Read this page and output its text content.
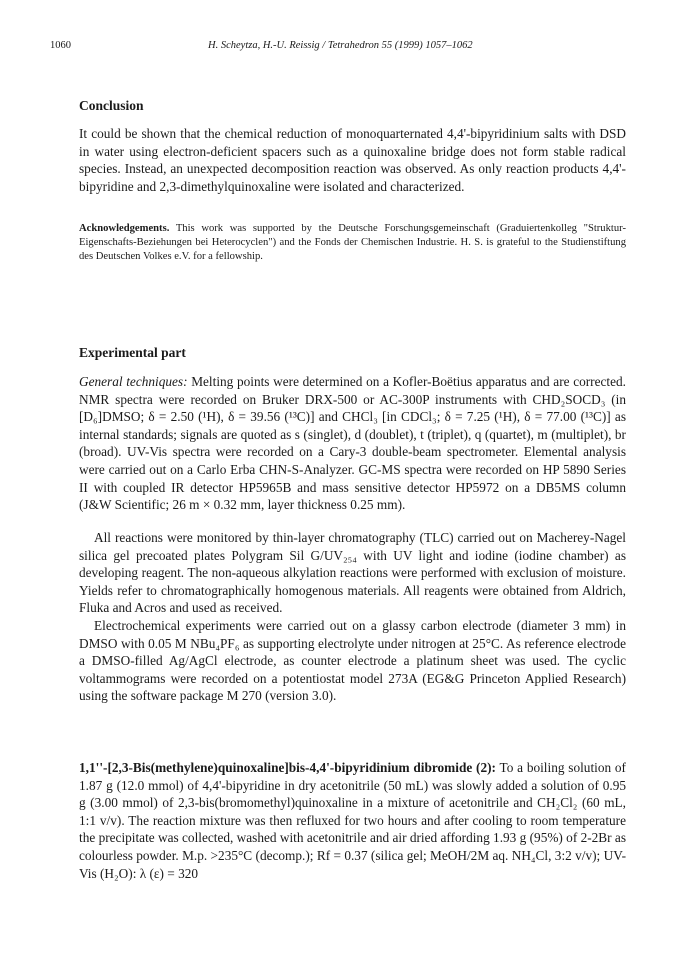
1060	H. Scheytza, H.-U. Reissig / Tetrahedron 55 (1999) 1057–1062
Conclusion

It could be shown that the chemical reduction of monoquarternated 4,4'-bipyridinium salts with DSD in water using electron-deficient spacers such as a quinoxaline bridge does not form stable radical species. Instead, an unexpected decomposition reaction was observed. As only reaction products 4,4'-bipyridine and 2,3-dimethylquinoxaline were isolated and characterized.

Acknowledgements. This work was supported by the Deutsche Forschungsgemeinschaft (Graduiertenkolleg "Struktur-Eigenschafts-Beziehungen bei Heterocyclen") and the Fonds der Chemischen Industrie. H. S. is grateful to the Studienstiftung des Deutschen Volkes e.V. for a fellowship.

Experimental part

General techniques: Melting points were determined on a Kofler-Boëtius apparatus and are corrected. NMR spectra were recorded on Bruker DRX-500 or AC-300P instruments with CHD₂SOCD₃ (in [D₆]DMSO; δ = 2.50 (¹H), δ = 39.56 (¹³C)] and CHCl₃ [in CDCl₃; δ = 7.25 (¹H), δ = 77.00 (¹³C)] as internal standards; signals are quoted as s (singlet), d (doublet), t (triplet), q (quartet), m (multiplet), br (broad). UV-Vis spectra were recorded on a Cary-3 double-beam spectrometer. Elemental analysis were carried out on a Carlo Erba CHN-S-Analyzer. GC-MS spectra were recorded on HP 5890 Series II with coupled IR detector HP5965B and mass sensitive detector HP5972 on a DB5MS column (J&W Scientific; 26 m × 0.32 mm, layer thickness 0.25 mm).

All reactions were monitored by thin-layer chromatography (TLC) carried out on Macherey-Nagel silica gel precoated plates Polygram Sil G/UV₂₅₄ with UV light and iodine (iodine chamber) as developing reagent. The non-aqueous alkylation reactions were performed with exclusion of moisture. Yields refer to chromatographically homogenous materials. All reagents were obtained from Aldrich, Fluka and Acros and used as received.

Electrochemical experiments were carried out on a glassy carbon electrode (diameter 3 mm) in DMSO with 0.05 M NBu₄PF₆ as supporting electrolyte under nitrogen at 25°C. As reference electrode a DMSO-filled Ag/AgCl electrode, as counter electrode a platinum sheet was used. The cyclic voltammograms were recorded on a potentiostat model 273A (EG&G Princeton Applied Research) using the software package M 270 (version 3.0).

1,1''-[2,3-Bis(methylene)quinoxaline]bis-4,4'-bipyridinium dibromide (2): To a boiling solution of 1.87 g (12.0 mmol) of 4,4'-bipyridine in dry acetonitrile (50 mL) was slowly added a solution of 0.95 g (3.00 mmol) of 2,3-bis(bromomethyl)quinoxaline in a mixture of acetonitrile and CH₂Cl₂ (60 mL, 1:1 v/v). The reaction mixture was then refluxed for two hours and after cooling to room temperature the precipitate was collected, washed with acetonitrile and air dried affording 1.93 g (95%) of 2-2Br as colourless powder. M.p. >235°C (decomp.); Rf = 0.37 (silica gel; MeOH/2M aq. NH₄Cl, 3:2 v/v); UV-Vis (H₂O): λ (ε) = 320
